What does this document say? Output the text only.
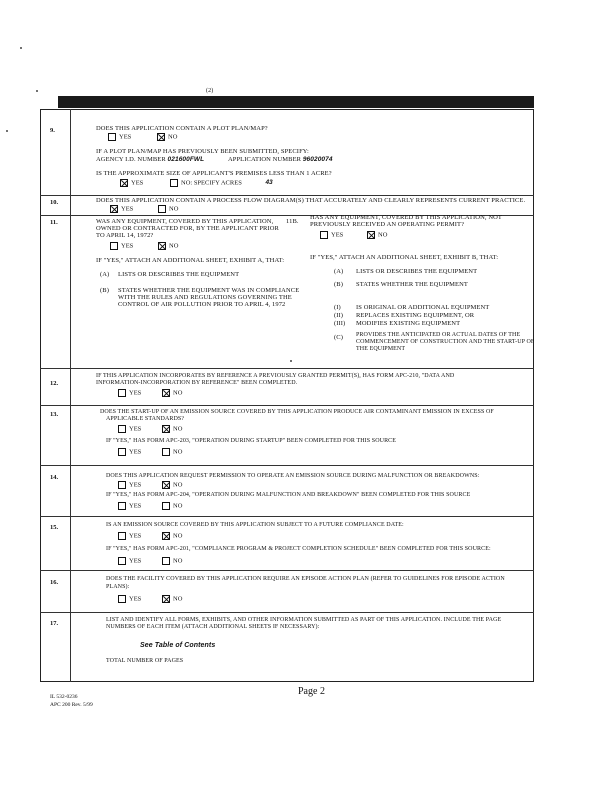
(2)
9.	DOES THIS APPLICATION CONTAIN A PLOT PLAN/MAP?
YES	NO
IF A PLOT PLAN/MAP HAS PREVIOUSLY BEEN SUBMITTED, SPECIFY:
AGENCY I.D. NUMBER 021600FWL	APPLICATION NUMBER 96020074
IS THE APPROXIMATE SIZE OF APPLICANT'S PREMISES LESS THAN 1 ACRE?
YES	NO: SPECIFY ACRES	43
10.	DOES THIS APPLICATION CONTAIN A PROCESS FLOW DIAGRAM(S) THAT ACCURATELY AND CLEARLY REPRESENTS CURRENT PRACTICE.
YES	NO
11.	WAS ANY EQUIPMENT, COVERED BY THIS APPLICATION,
OWNED OR CONTRACTED FOR, BY THE APPLICANT PRIOR
TO APRIL 14, 1972?
YES	NO
11B.
HAS ANY EQUIPMENT, COVERED BY THIS APPLICATION, NOT
PREVIOUSLY RECEIVED AN OPERATING PERMIT?
YES	NO
IF "YES," ATTACH AN ADDITIONAL SHEET, EXHIBIT A, THAT:
(A) LISTS OR DESCRIBES THE EQUIPMENT
(B) STATES WHETHER THE EQUIPMENT WAS IN COMPLIANCE
WITH THE RULES AND REGULATIONS GOVERNING THE
CONTROL OF AIR POLLUTION PRIOR TO APRIL 4, 1972
IF "YES," ATTACH AN ADDITIONAL SHEET, EXHIBIT B, THAT:
(A) LISTS OR DESCRIBES THE EQUIPMENT
(B) STATES WHETHER THE EQUIPMENT
(I) IS ORIGINAL OR ADDITIONAL EQUIPMENT
(II) REPLACES EXISTING EQUIPMENT, OR
(III) MODIFIES EXISTING EQUIPMENT
(C) PROVIDES THE ANTICIPATED OR ACTUAL DATES OF THE
COMMENCEMENT OF CONSTRUCTION AND THE START-UP OF
THE EQUIPMENT
12.
IF THIS APPLICATION INCORPORATES BY REFERENCE A PREVIOUSLY GRANTED PERMIT(S), HAS FORM APC-210, "DATA AND
INFORMATION-INCORPORATION BY REFERENCE" BEEN COMPLETED.
YES	NO
13.	DOES THE START-UP OF AN EMISSION SOURCE COVERED BY THIS APPLICATION PRODUCE AIR CONTAMINANT EMISSION IN EXCESS OF
APPLICABLE STANDARDS?
YES	NO
IF "YES," HAS FORM APC-203, "OPERATION DURING STARTUP" BEEN COMPLETED FOR THIS SOURCE
YES	NO
14.	DOES THIS APPLICATION REQUEST PERMISSION TO OPERATE AN EMISSION SOURCE DURING MALFUNCTION OR BREAKDOWNS:
YES	NO
IF "YES," HAS FORM APC-204, "OPERATION DURING MALFUNCTION AND BREAKDOWN" BEEN COMPLETED FOR THIS SOURCE
YES	NO
15.	IS AN EMISSION SOURCE COVERED BY THIS APPLICATION SUBJECT TO A FUTURE COMPLIANCE DATE:
YES	NO
IF "YES," HAS FORM APC-201, "COMPLIANCE PROGRAM & PROJECT COMPLETION SCHEDULE" BEEN COMPLETED FOR THIS SOURCE:
YES	NO
16.	DOES THE FACILITY COVERED BY THIS APPLICATION REQUIRE AN EPISODE ACTION PLAN (REFER TO GUIDELINES FOR EPISODE ACTION
PLANS):
YES	NO
17.	LIST AND IDENTIFY ALL FORMS, EXHIBITS, AND OTHER INFORMATION SUBMITTED AS PART OF THIS APPLICATION. INCLUDE THE PAGE
NUMBERS OF EACH ITEM (ATTACH ADDITIONAL SHEETS IF NECESSARY):
See Table of Contents
TOTAL NUMBER OF PAGES
Page 2
IL 532-0236
APC 200 Rev. 5/99
